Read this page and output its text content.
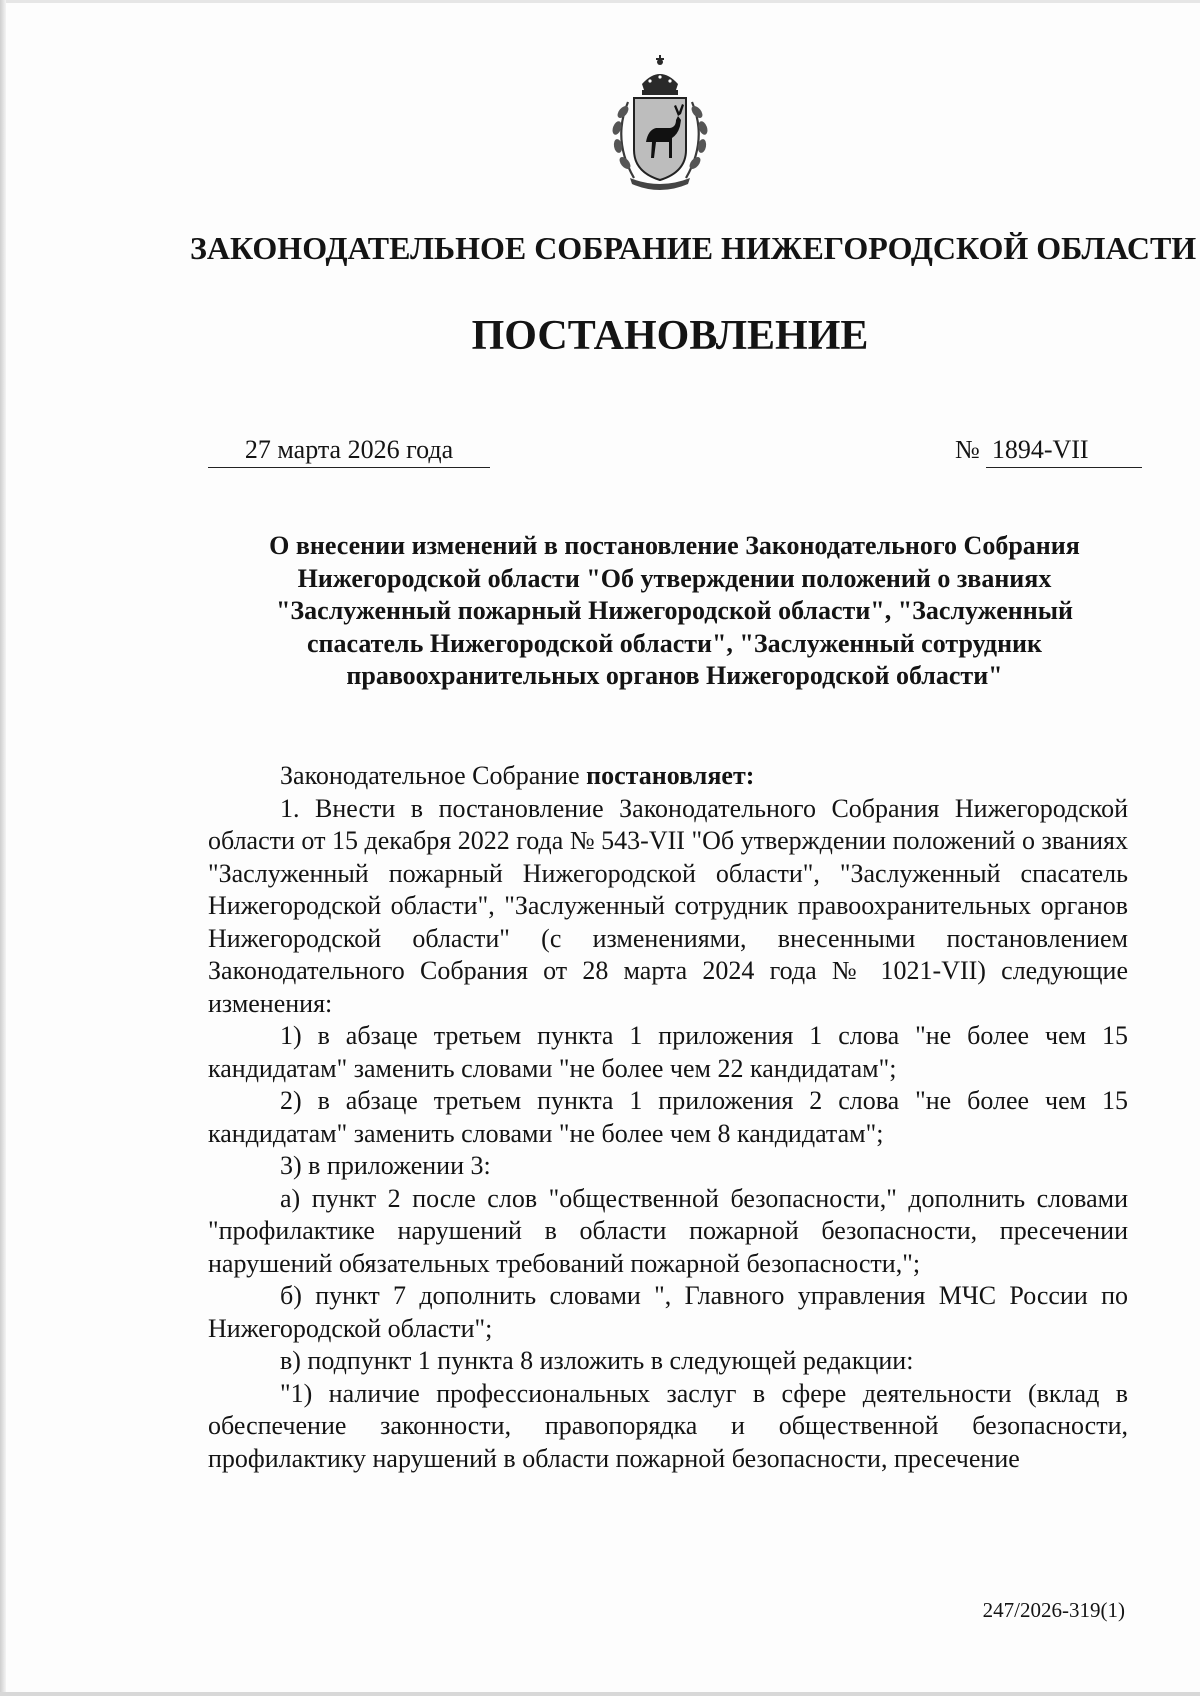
ЗАКОНОДАТЕЛЬНОЕ СОБРАНИЕ НИЖЕГОРОДСКОЙ ОБЛАСТИ
ПОСТАНОВЛЕНИЕ
27 марта 2026 года	№ 1894-VII
О внесении изменений в постановление Законодательного Собрания
Нижегородской области "Об утверждении положений о званиях
"Заслуженный пожарный Нижегородской области", "Заслуженный
спасатель Нижегородской области", "Заслуженный сотрудник
правоохранительных органов Нижегородской области"

Законодательное Собрание постановляет:

1. Внести в постановление Законодательного Собрания Нижегородской области от 15 декабря 2022 года № 543-VII "Об утверждении положений о званиях "Заслуженный пожарный Нижегородской области", "Заслуженный спасатель Нижегородской области", "Заслуженный сотрудник правоохранительных органов Нижегородской области" (с изменениями, внесенными постановлением Законодательного Собрания от 28 марта 2024 года № 1021-VII) следующие изменения:

1) в абзаце третьем пункта 1 приложения 1 слова "не более чем 15 кандидатам" заменить словами "не более чем 22 кандидатам";

2) в абзаце третьем пункта 1 приложения 2 слова "не более чем 15 кандидатам" заменить словами "не более чем 8 кандидатам";

3) в приложении 3:

а) пункт 2 после слов "общественной безопасности," дополнить словами "профилактике нарушений в области пожарной безопасности, пресечении нарушений обязательных требований пожарной безопасности,";

б) пункт 7 дополнить словами ", Главного управления МЧС России по Нижегородской области";

в) подпункт 1 пункта 8 изложить в следующей редакции:

"1) наличие профессиональных заслуг в сфере деятельности (вклад в обеспечение законности, правопорядка и общественной безопасности, профилактику нарушений в области пожарной безопасности, пресечение

247/2026-319(1)
